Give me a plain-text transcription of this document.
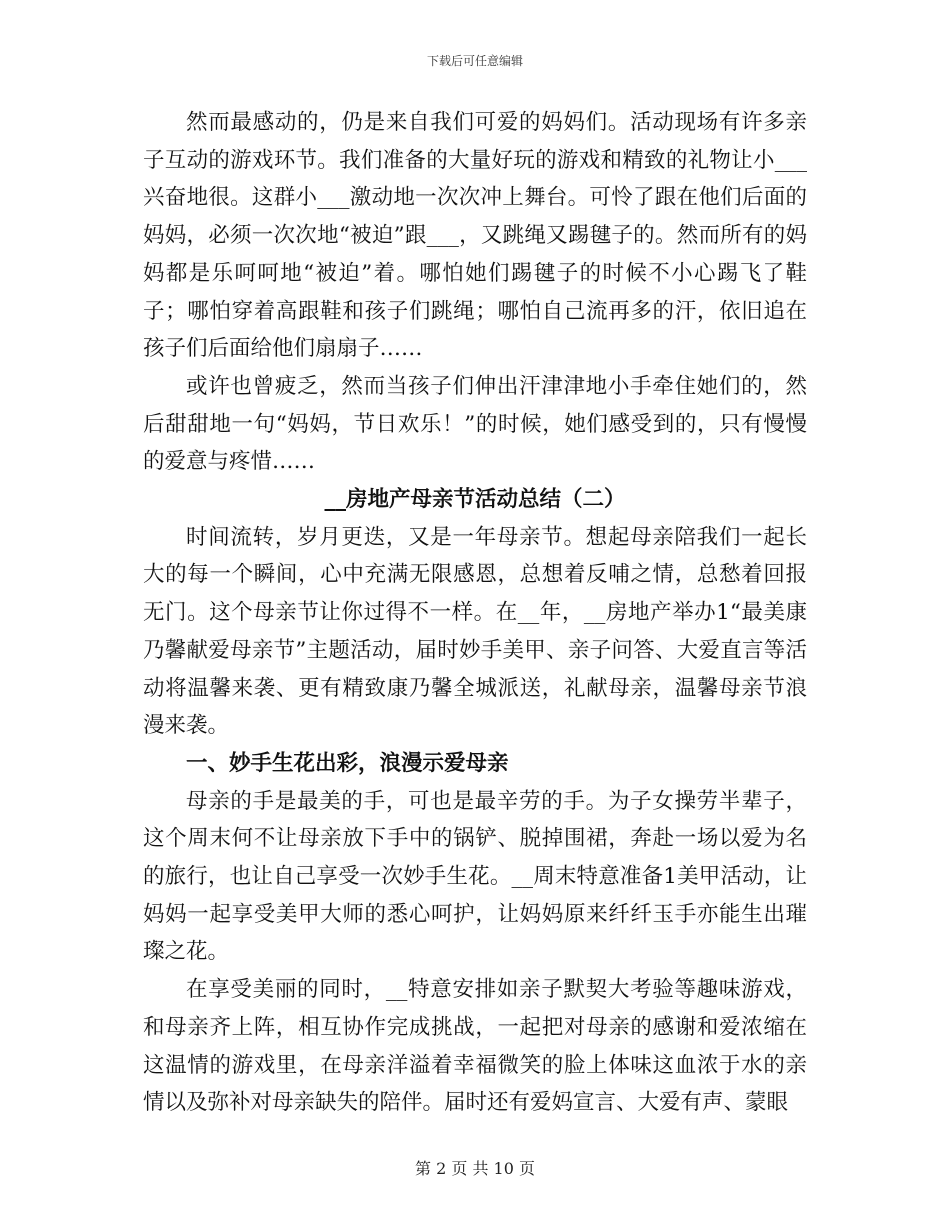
下载后可任意编辑

然而最感动的，仍是来自我们可爱的妈妈们。活动现场有许多亲子互动的游戏环节。我们准备的大量好玩的游戏和精致的礼物让小___兴奋地很。这群小___激动地一次次冲上舞台。可怜了跟在他们后面的妈妈，必须一次次地“被迫”跟___，又跳绳又踢毽子的。然而所有的妈妈都是乐呵呵地“被迫”着。哪怕她们踢毽子的时候不小心踢飞了鞋子；哪怕穿着高跟鞋和孩子们跳绳；哪怕自己流再多的汗，依旧追在孩子们后面给他们扇扇子……

或许也曾疲乏，然而当孩子们伸出汗津津地小手牵住她们的，然后甜甜地一句“妈妈，节日欢乐！”的时候，她们感受到的，只有慢慢的爱意与疼惜……

__房地产母亲节活动总结（二）

时间流转，岁月更迭，又是一年母亲节。想起母亲陪我们一起长大的每一个瞬间，心中充满无限感恩，总想着反哺之情，总愁着回报无门。这个母亲节让你过得不一样。在__年，__房地产举办1“最美康乃馨献爱母亲节”主题活动，届时妙手美甲、亲子问答、大爱直言等活动将温馨来袭、更有精致康乃馨全城派送，礼献母亲，温馨母亲节浪漫来袭。

一、妙手生花出彩，浪漫示爱母亲

母亲的手是最美的手，可也是最辛劳的手。为子女操劳半辈子，这个周末何不让母亲放下手中的锅铲、脱掉围裙，奔赴一场以爱为名的旅行，也让自己享受一次妙手生花。__周末特意准备1美甲活动，让妈妈一起享受美甲大师的悉心呵护，让妈妈原来纤纤玉手亦能生出璀璨之花。

在享受美丽的同时，__特意安排如亲子默契大考验等趣味游戏，和母亲齐上阵，相互协作完成挑战，一起把对母亲的感谢和爱浓缩在这温情的游戏里，在母亲洋溢着幸福微笑的脸上体味这血浓于水的亲情以及弥补对母亲缺失的陪伴。届时还有爱妈宣言、大爱有声、蒙眼

第 2 页 共 10 页
